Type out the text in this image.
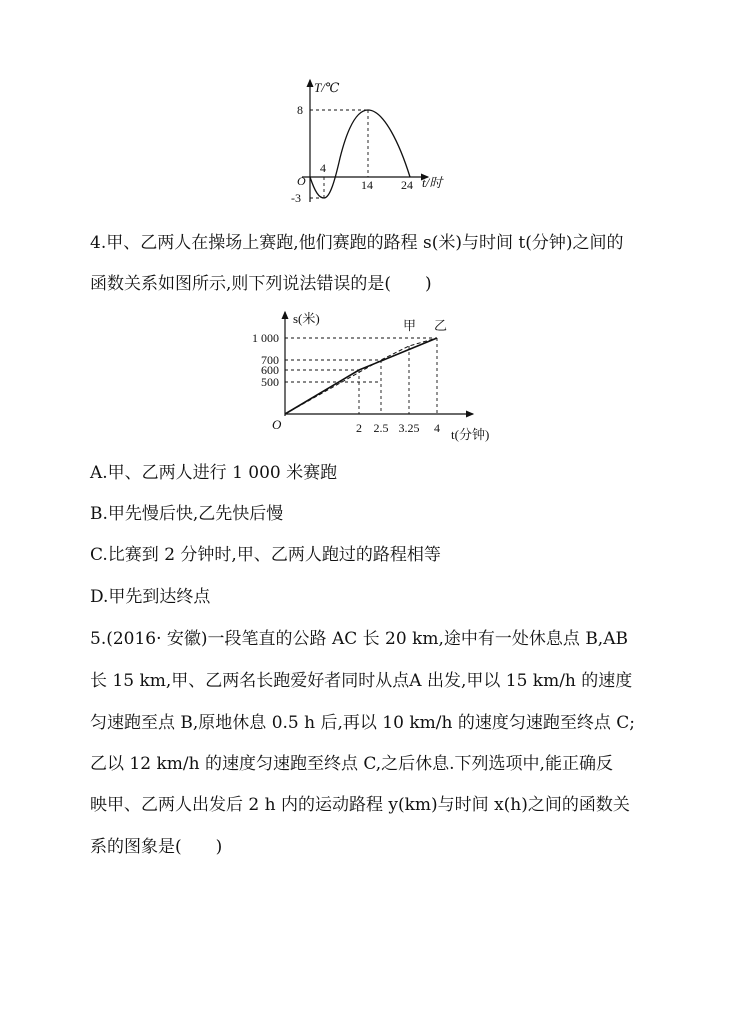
T/℃
t/时
O
8
-3
4
14 24
4.甲、乙两人在操场上赛跑,他们赛跑的路程 s(米)与时间 t(分钟)之间的
函数关系如图所示,则下列说法错误的是(　　)
1 000
700
600
500
2 2.5 3.25 4
s(米)
t(分钟)
O
甲 乙
A.甲、乙两人进行 1 000 米赛跑
B.甲先慢后快,乙先快后慢
C.比赛到 2 分钟时,甲、乙两人跑过的路程相等
D.甲先到达终点
5.(2016· 安徽)一段笔直的公路 AC 长 20 km,途中有一处休息点 B,AB
长 15 km,甲、乙两名长跑爱好者同时从点A 出发,甲以 15 km/h 的速度
匀速跑至点 B,原地休息 0.5 h 后,再以 10 km/h 的速度匀速跑至终点 C;
乙以 12 km/h 的速度匀速跑至终点 C,之后休息.下列选项中,能正确反
映甲、乙两人出发后 2 h 内的运动路程 y(km)与时间 x(h)之间的函数关
系的图象是(　　)
